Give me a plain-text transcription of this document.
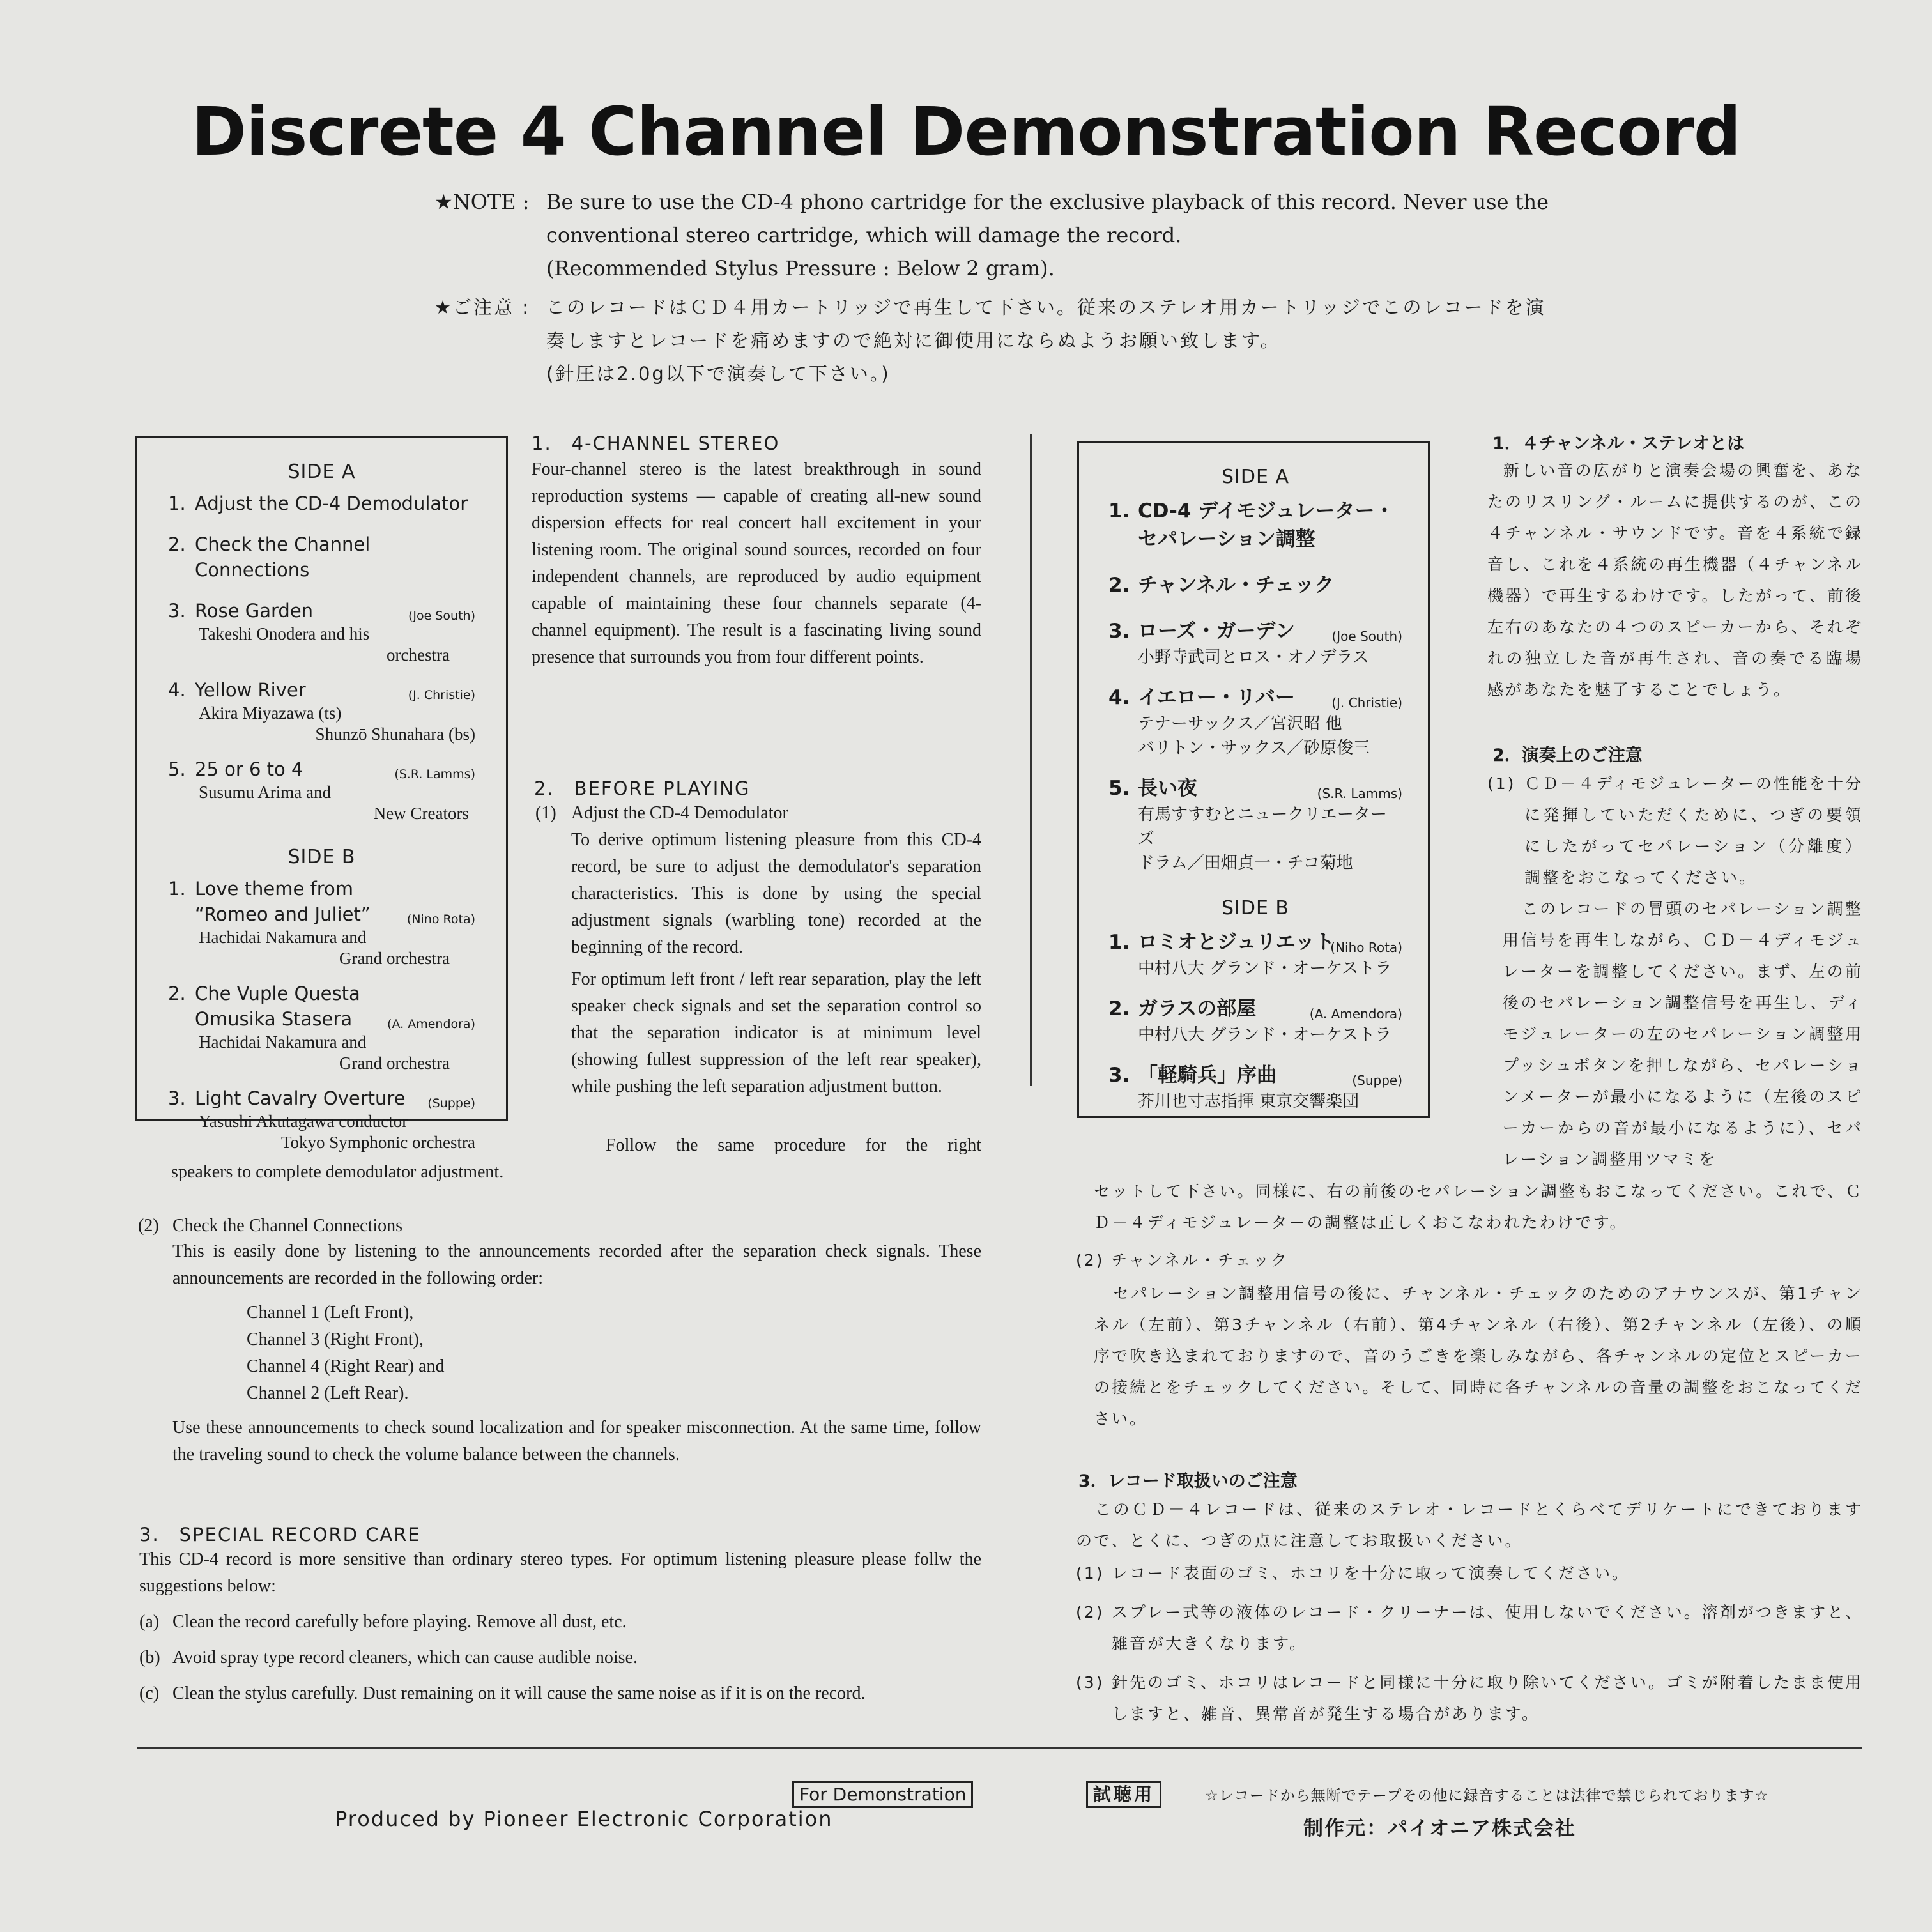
Discrete 4 Channel Demonstration Record
★NOTE : Be sure to use the CD-4 phono cartridge for the exclusive playback of this record. Never use the conventional stereo cartridge, which will damage the record.
(Recommended Stylus Pressure : Below 2 gram).
★ご注意 : このレコードはＣＤ４用カートリッジで再生して下さい。従来のステレオ用カートリッジでこのレコードを演奏しますとレコードを痛めますので絶対に御使用にならぬようお願い致します。
(針圧は2.0g以下で演奏して下さい。)
SIDE A
1. Adjust the CD-4 Demodulator
2. Check the Channel Connections
3. Rose Garden	(Joe South)
Takeshi Onodera and his
orchestra
4. Yellow River	(J. Christie)
Akira Miyazawa (ts)
Shunzō Shunahara (bs)
5. 25 or 6 to 4	(S.R. Lamms)
Susumu Arima and
New Creators
SIDE B
1. Love theme from
“Romeo and Juliet”	(Nino Rota)
Hachidai Nakamura and
Grand orchestra
2. Che Vuple Questa
Omusika Stasera	(A. Amendora)
Hachidai Nakamura and
Grand orchestra
3. Light Cavalry Overture	(Suppe)
Yasushi Akutagawa conductor
Tokyo Symphonic orchestra
1.　4-CHANNEL STEREO
Four-channel stereo is the latest breakthrough in sound reproduction systems — capable of creating all-new sound dispersion effects for real concert hall excitement in your listening room. The original sound sources, recorded on four independent channels, are reproduced by audio equipment capable of maintaining these four channels separate (4-channel equipment). The result is a fascinating living sound presence that surrounds you from four different points.
2.　BEFORE PLAYING
(1) Adjust the CD-4 Demodulator
To derive optimum listening pleasure from this CD-4 record, be sure to adjust the demodulator's separation characteristics. This is done by using the special adjustment signals (warbling tone) recorded at the beginning of the record.
For optimum left front / left rear separation, play the left speaker check signals and set the separation control so that the separation indicator is at minimum level (showing fullest suppression of the left rear speaker), while pushing the left separation adjustment button.
Follow the same procedure for the right
speakers to complete demodulator adjustment.
(2) Check the Channel Connections
This is easily done by listening to the announcements recorded after the separation check signals. These announcements are recorded in the following order:
Channel 1 (Left Front),
Channel 3 (Right Front),
Channel 4 (Right Rear) and
Channel 2 (Left Rear).
Use these announcements to check sound localization and for speaker misconnection. At the same time, follow the traveling sound to check the volume balance between the channels.
3.　SPECIAL RECORD CARE
This CD-4 record is more sensitive than ordinary stereo types. For optimum listening pleasure please follw the suggestions below:
(a) Clean the record carefully before playing. Remove all dust, etc.
(b) Avoid spray type record cleaners, which can cause audible noise.
(c) Clean the stylus carefully. Dust remaining on it will cause the same noise as if it is on the record.
SIDE A
1. CD-4 デイモジュレーター・
セパレーション調整
2. チャンネル・チェック
3. ローズ・ガーデン	(Joe South)
小野寺武司とロス・オノデラス
4. イエロー・リバー	(J. Christie)
テナーサックス／宮沢昭 他
バリトン・サックス／砂原俊三
5. 長い夜	(S.R. Lamms)
有馬すすむとニュークリエーターズ
ドラム／田畑貞一・チコ菊地
SIDE B
1. ロミオとジュリエット
(Niho Rota)
中村八大 グランド・オーケストラ
2. ガラスの部屋	(A. Amendora)
中村八大 グランド・オーケストラ
3. 「軽騎兵」序曲	(Suppe)
芥川也寸志指揮 東京交響楽団
1．４チャンネル・ステレオとは
新しい音の広がりと演奏会場の興奮を、あなたのリスリング・ルームに提供するのが、この４チャンネル・サウンドです。音を４系統で録音し、これを４系統の再生機器（４チャンネル機器）で再生するわけです。したがって、前後左右のあなたの４つのスピーカーから、それぞれの独立した音が再生され、音の奏でる臨場感があなたを魅了することでしょう。
2．演奏上のご注意
(1) ＣＤ－４ディモジュレーターの性能を十分に発揮していただくために、つぎの要領にしたがってセパレーション（分離度）調整をおこなってください。
このレコードの冒頭のセパレーション調整用信号を再生しながら、ＣＤ－４ディモジュレーターを調整してください。まず、左の前後のセパレーション調整信号を再生し、ディモジュレーターの左のセパレーション調整用プッシュボタンを押しながら、セパレーションメーターが最小になるように（左後のスピーカーからの音が最小になるように）、セパレーション調整用ツマミを
セットして下さい。同様に、右の前後のセパレーション調整もおこなってください。これで、ＣＤ－４ディモジュレーターの調整は正しくおこなわれたわけです。
(2) チャンネル・チェック
セパレーション調整用信号の後に、チャンネル・チェックのためのアナウンスが、第1チャンネル（左前）、第3チャンネル（右前）、第4チャンネル（右後）、第2チャンネル（左後）、の順序で吹き込まれておりますので、音のうごきを楽しみながら、各チャンネルの定位とスピーカーの接続とをチェックしてください。そして、同時に各チャンネルの音量の調整をおこなってください。
3．レコード取扱いのご注意
このＣＤ－４レコードは、従来のステレオ・レコードとくらべてデリケートにできておりますので、とくに、つぎの点に注意してお取扱いください。
(1) レコード表面のゴミ、ホコリを十分に取って演奏してください。
(2) スプレー式等の液体のレコード・クリーナーは、使用しないでください。溶剤がつきますと、雑音が大きくなります。
(3) 針先のゴミ、ホコリはレコードと同様に十分に取り除いてください。ゴミが附着したまま使用しますと、雑音、異常音が発生する場合があります。
For Demonstration	試聴用	☆レコードから無断でテープその他に録音することは法律で禁じられております☆
Produced by Pioneer Electronic Corporation	制作元：パイオニア株式会社
